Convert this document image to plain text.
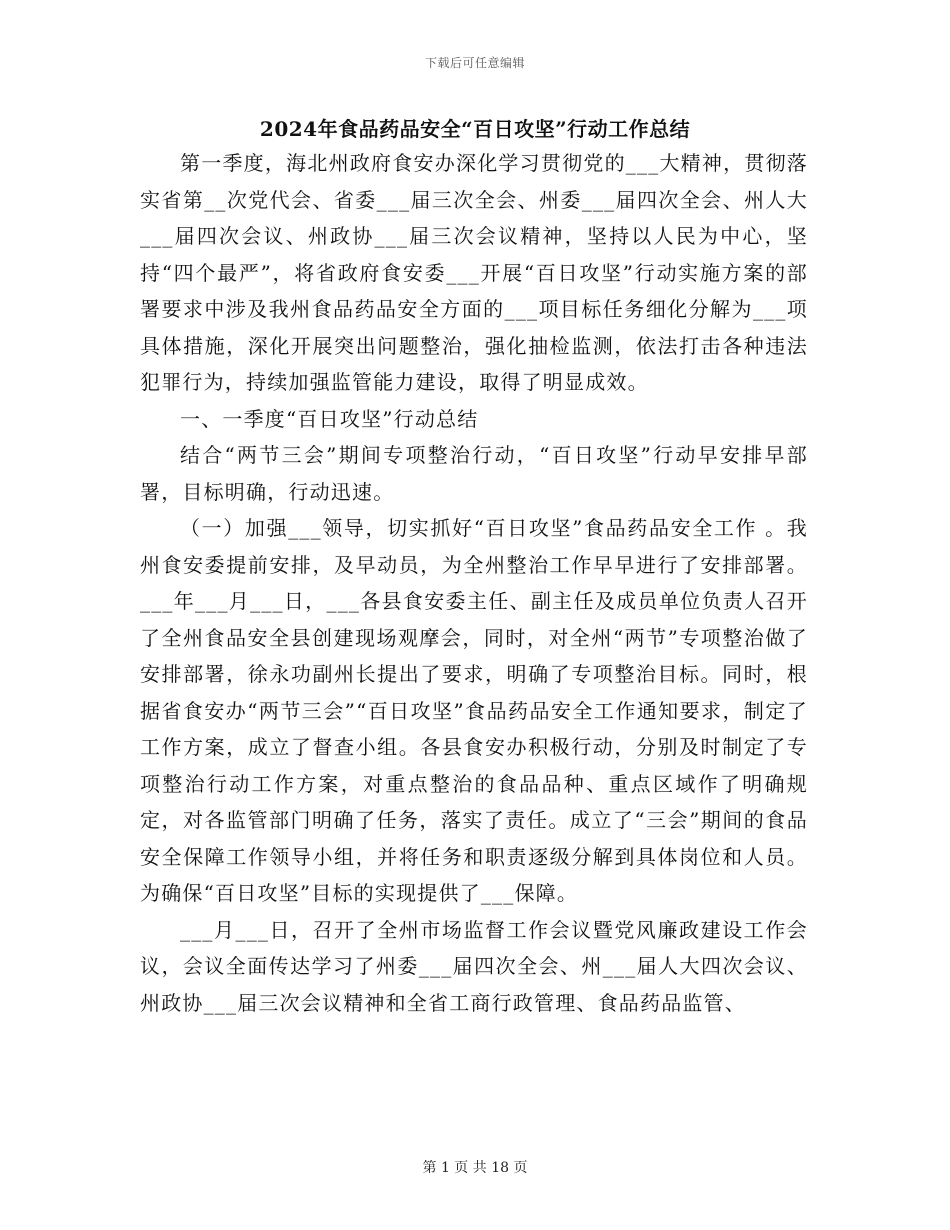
下载后可任意编辑
2024年食品药品安全“百日攻坚”行动工作总结

第一季度，海北州政府食安办深化学习贯彻党的___大精神，贯彻落实省第__次党代会、省委___届三次全会、州委___届四次全会、州人大___届四次会议、州政协___届三次会议精神，坚持以人民为中心，坚持“四个最严”，将省政府食安委___开展“百日攻坚”行动实施方案的部署要求中涉及我州食品药品安全方面的___项目标任务细化分解为___项具体措施，深化开展突出问题整治，强化抽检监测，依法打击各种违法犯罪行为，持续加强监管能力建设，取得了明显成效。

一、一季度“百日攻坚”行动总结

结合“两节三会”期间专项整治行动，“百日攻坚”行动早安排早部署，目标明确，行动迅速。

（一）加强___领导，切实抓好“百日攻坚”食品药品安全工作 。我州食安委提前安排，及早动员，为全州整治工作早早进行了安排部署。___年___月___日，___各县食安委主任、副主任及成员单位负责人召开了全州食品安全县创建现场观摩会，同时，对全州“两节”专项整治做了安排部署，徐永功副州长提出了要求，明确了专项整治目标。同时，根据省食安办“两节三会”“百日攻坚”食品药品安全工作通知要求，制定了工作方案，成立了督查小组。各县食安办积极行动，分别及时制定了专项整治行动工作方案，对重点整治的食品品种、重点区域作了明确规定，对各监管部门明确了任务，落实了责任。成立了“三会”期间的食品安全保障工作领导小组，并将任务和职责逐级分解到具体岗位和人员。为确保“百日攻坚”目标的实现提供了___保障。

___月___日，召开了全州市场监督工作会议暨党风廉政建设工作会议，会议全面传达学习了州委___届四次全会、州___届人大四次会议、州政协___届三次会议精神和全省工商行政管理、食品药品监管、

第 1 页 共 18 页
